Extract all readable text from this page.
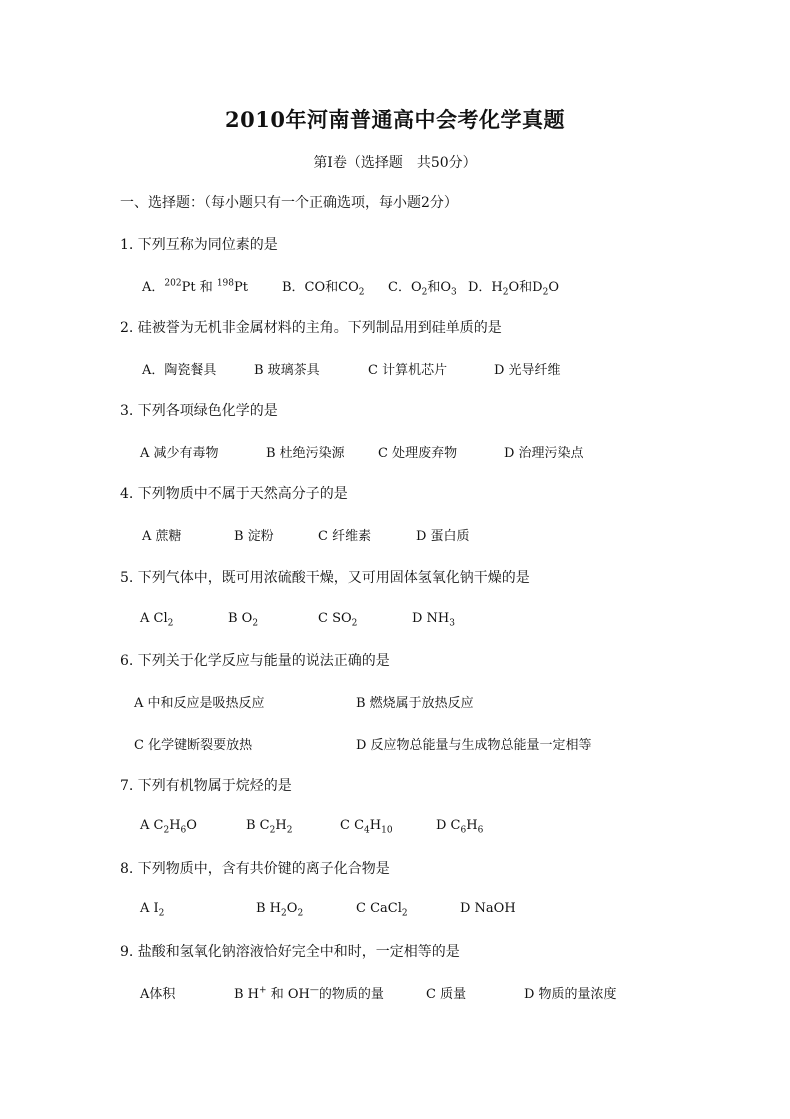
2010年河南普通高中会考化学真题
第Ⅰ卷（选择题　共50分）
一、选择题：（每小题只有一个正确选项，每小题2分）
1. 下列互称为同位素的是
A．$^{202}$Pt 和 $^{198}$Pt	B．CO和$CO_2$ C．$O_2$和$O_3$ D．$H_2O$和$D_2O$
2. 硅被誉为无机非金属材料的主角。下列制品用到硅单质的是
A．陶瓷餐具	B 玻璃茶具	C 计算机芯片	D 光导纤维
3. 下列各项绿色化学的是
A 减少有毒物	B 杜绝污染源	C 处理废弃物	D 治理污染点
4. 下列物质中不属于天然高分子的是
A 蔗糖	B 淀粉	C 纤维素	D 蛋白质
5. 下列气体中，既可用浓硫酸干燥，又可用固体氢氧化钠干燥的是
A $Cl_2$	B $O_2$	C $SO_2$	D $NH_3$
6. 下列关于化学反应与能量的说法正确的是
A 中和反应是吸热反应	B 燃烧属于放热反应
C 化学键断裂要放热	D 反应物总能量与生成物总能量一定相等
7. 下列有机物属于烷烃的是
A $C_2H_6O$	B $C_2H_2$	C $C_4H_{10}$	D $C_6H_6$
8. 下列物质中，含有共价键的离子化合物是
A $I_2$	B $H_2O_2$	C CaCl$_2$	D NaOH
9. 盐酸和氢氧化钠溶液恰好完全中和时，一定相等的是
A体积	B H+ 和 OH—的物质的量	C 质量	D 物质的量浓度
